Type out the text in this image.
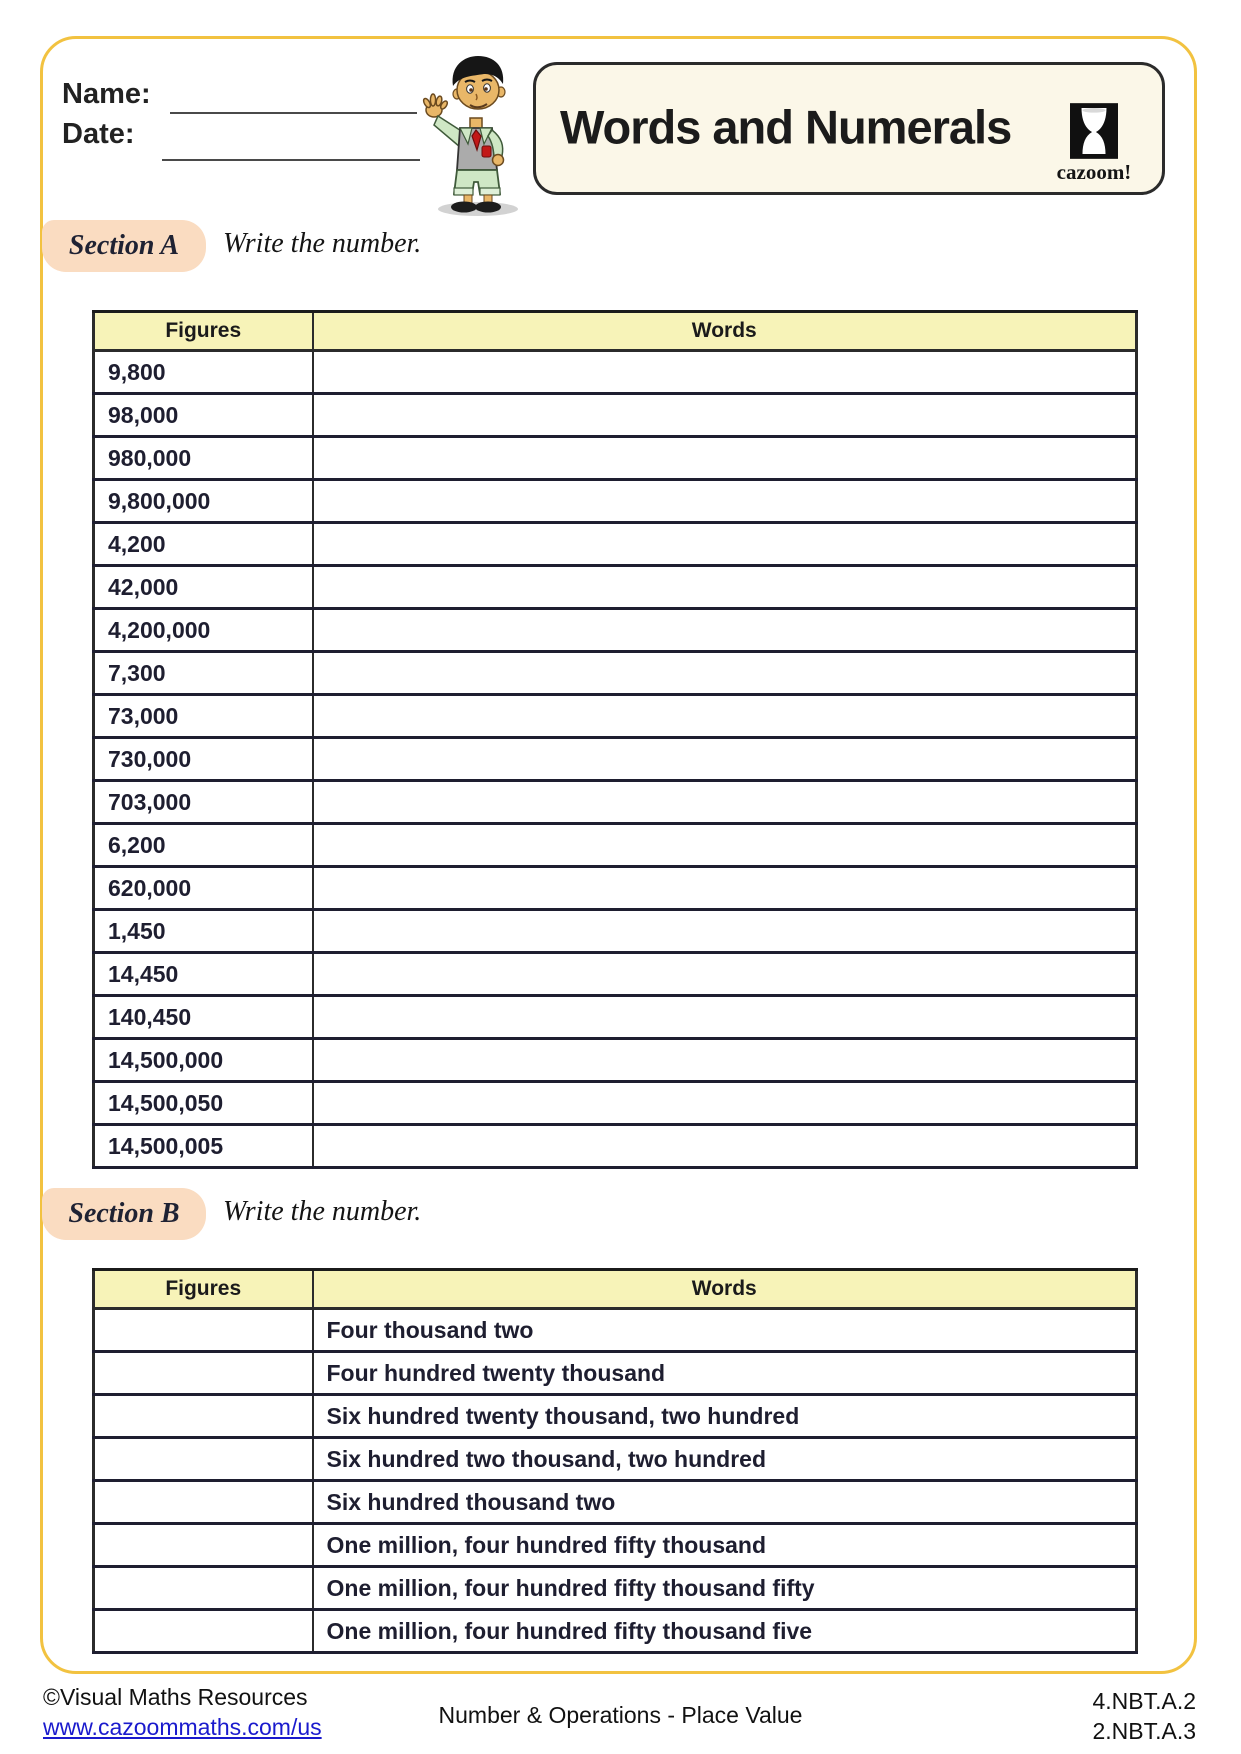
Name:
Date:	Words and Numerals
cazoom!
Section A	Write the number.
Figures	Words
9,800	
98,000	
980,000	
9,800,000	
4,200	
42,000	
4,200,000	
7,300	
73,000	
730,000	
703,000	
6,200	
620,000	
1,450	
14,450	
140,450	
14,500,000	
14,500,050	
14,500,005	
Section B	Write the number.
Figures	Words
	Four thousand two
	Four hundred twenty thousand
	Six hundred twenty thousand, two hundred
	Six hundred two thousand, two hundred
	Six hundred thousand two
	One million, four hundred fifty thousand
	One million, four hundred fifty thousand fifty
	One million, four hundred fifty thousand five
©Visual Maths Resources
www.cazoommaths.com/us	Number & Operations - Place Value
4.NBT.A.2
2.NBT.A.3
